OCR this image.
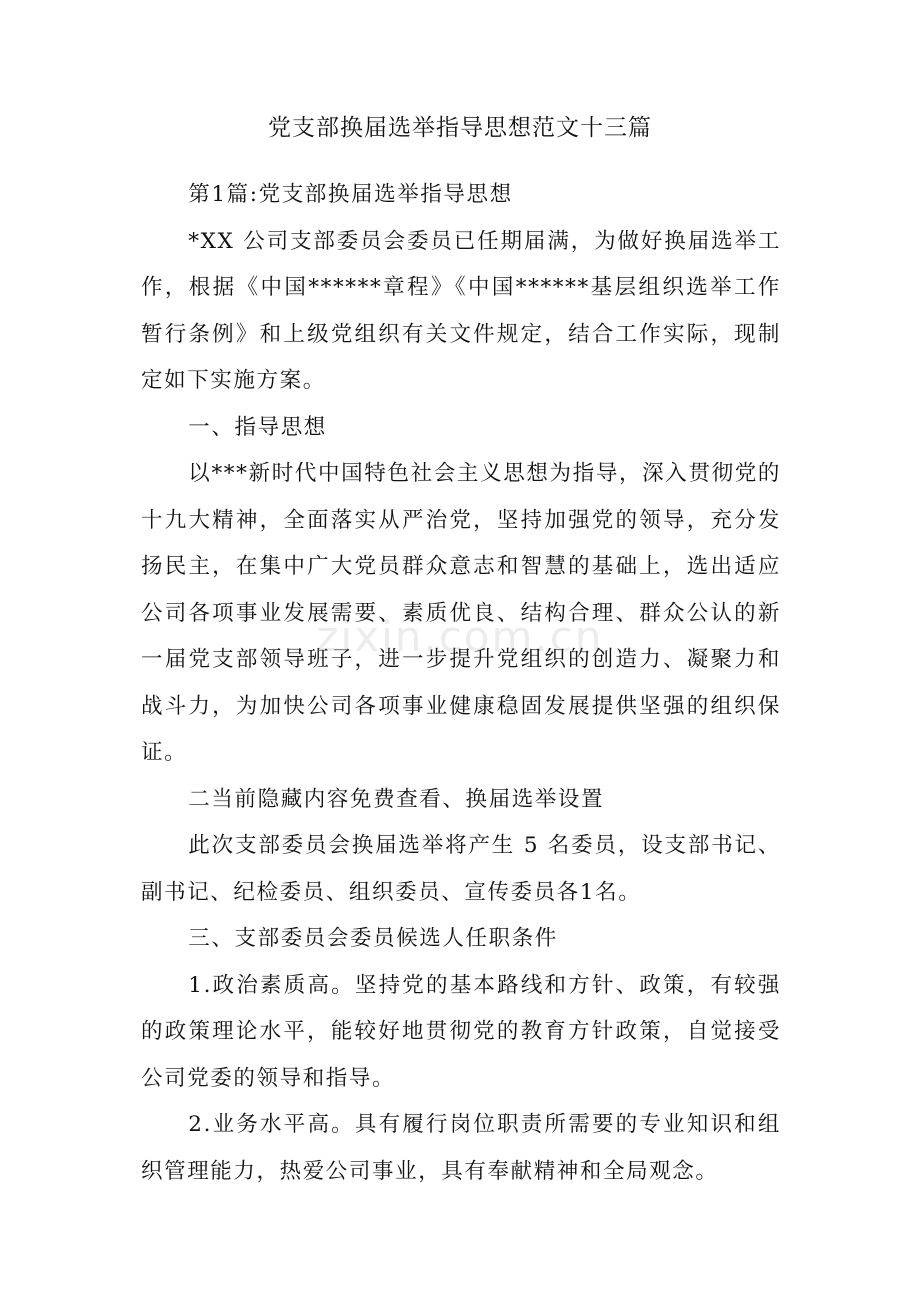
党支部换届选举指导思想范文十三篇

第1篇:党支部换届选举指导思想

*XX 公司支部委员会委员已任期届满，为做好换届选举工作，根据《中国******章程》《中国******基层组织选举工作暂行条例》和上级党组织有关文件规定，结合工作实际，现制定如下实施方案。

一、指导思想

以***新时代中国特色社会主义思想为指导，深入贯彻党的十九大精神，全面落实从严治党，坚持加强党的领导，充分发扬民主，在集中广大党员群众意志和智慧的基础上，选出适应公司各项事业发展需要、素质优良、结构合理、群众公认的新一届党支部领导班子，进一步提升党组织的创造力、凝聚力和战斗力，为加快公司各项事业健康稳固发展提供坚强的组织保证。

二当前隐藏内容免费查看、换届选举设置

此次支部委员会换届选举将产生 5 名委员，设支部书记、副书记、纪检委员、组织委员、宣传委员各1名。

三、支部委员会委员候选人任职条件

1.政治素质高。坚持党的基本路线和方针、政策，有较强的政策理论水平，能较好地贯彻党的教育方针政策，自觉接受公司党委的领导和指导。

2.业务水平高。具有履行岗位职责所需要的专业知识和组织管理能力，热爱公司事业，具有奉献精神和全局观念。

zixin.com.cn
